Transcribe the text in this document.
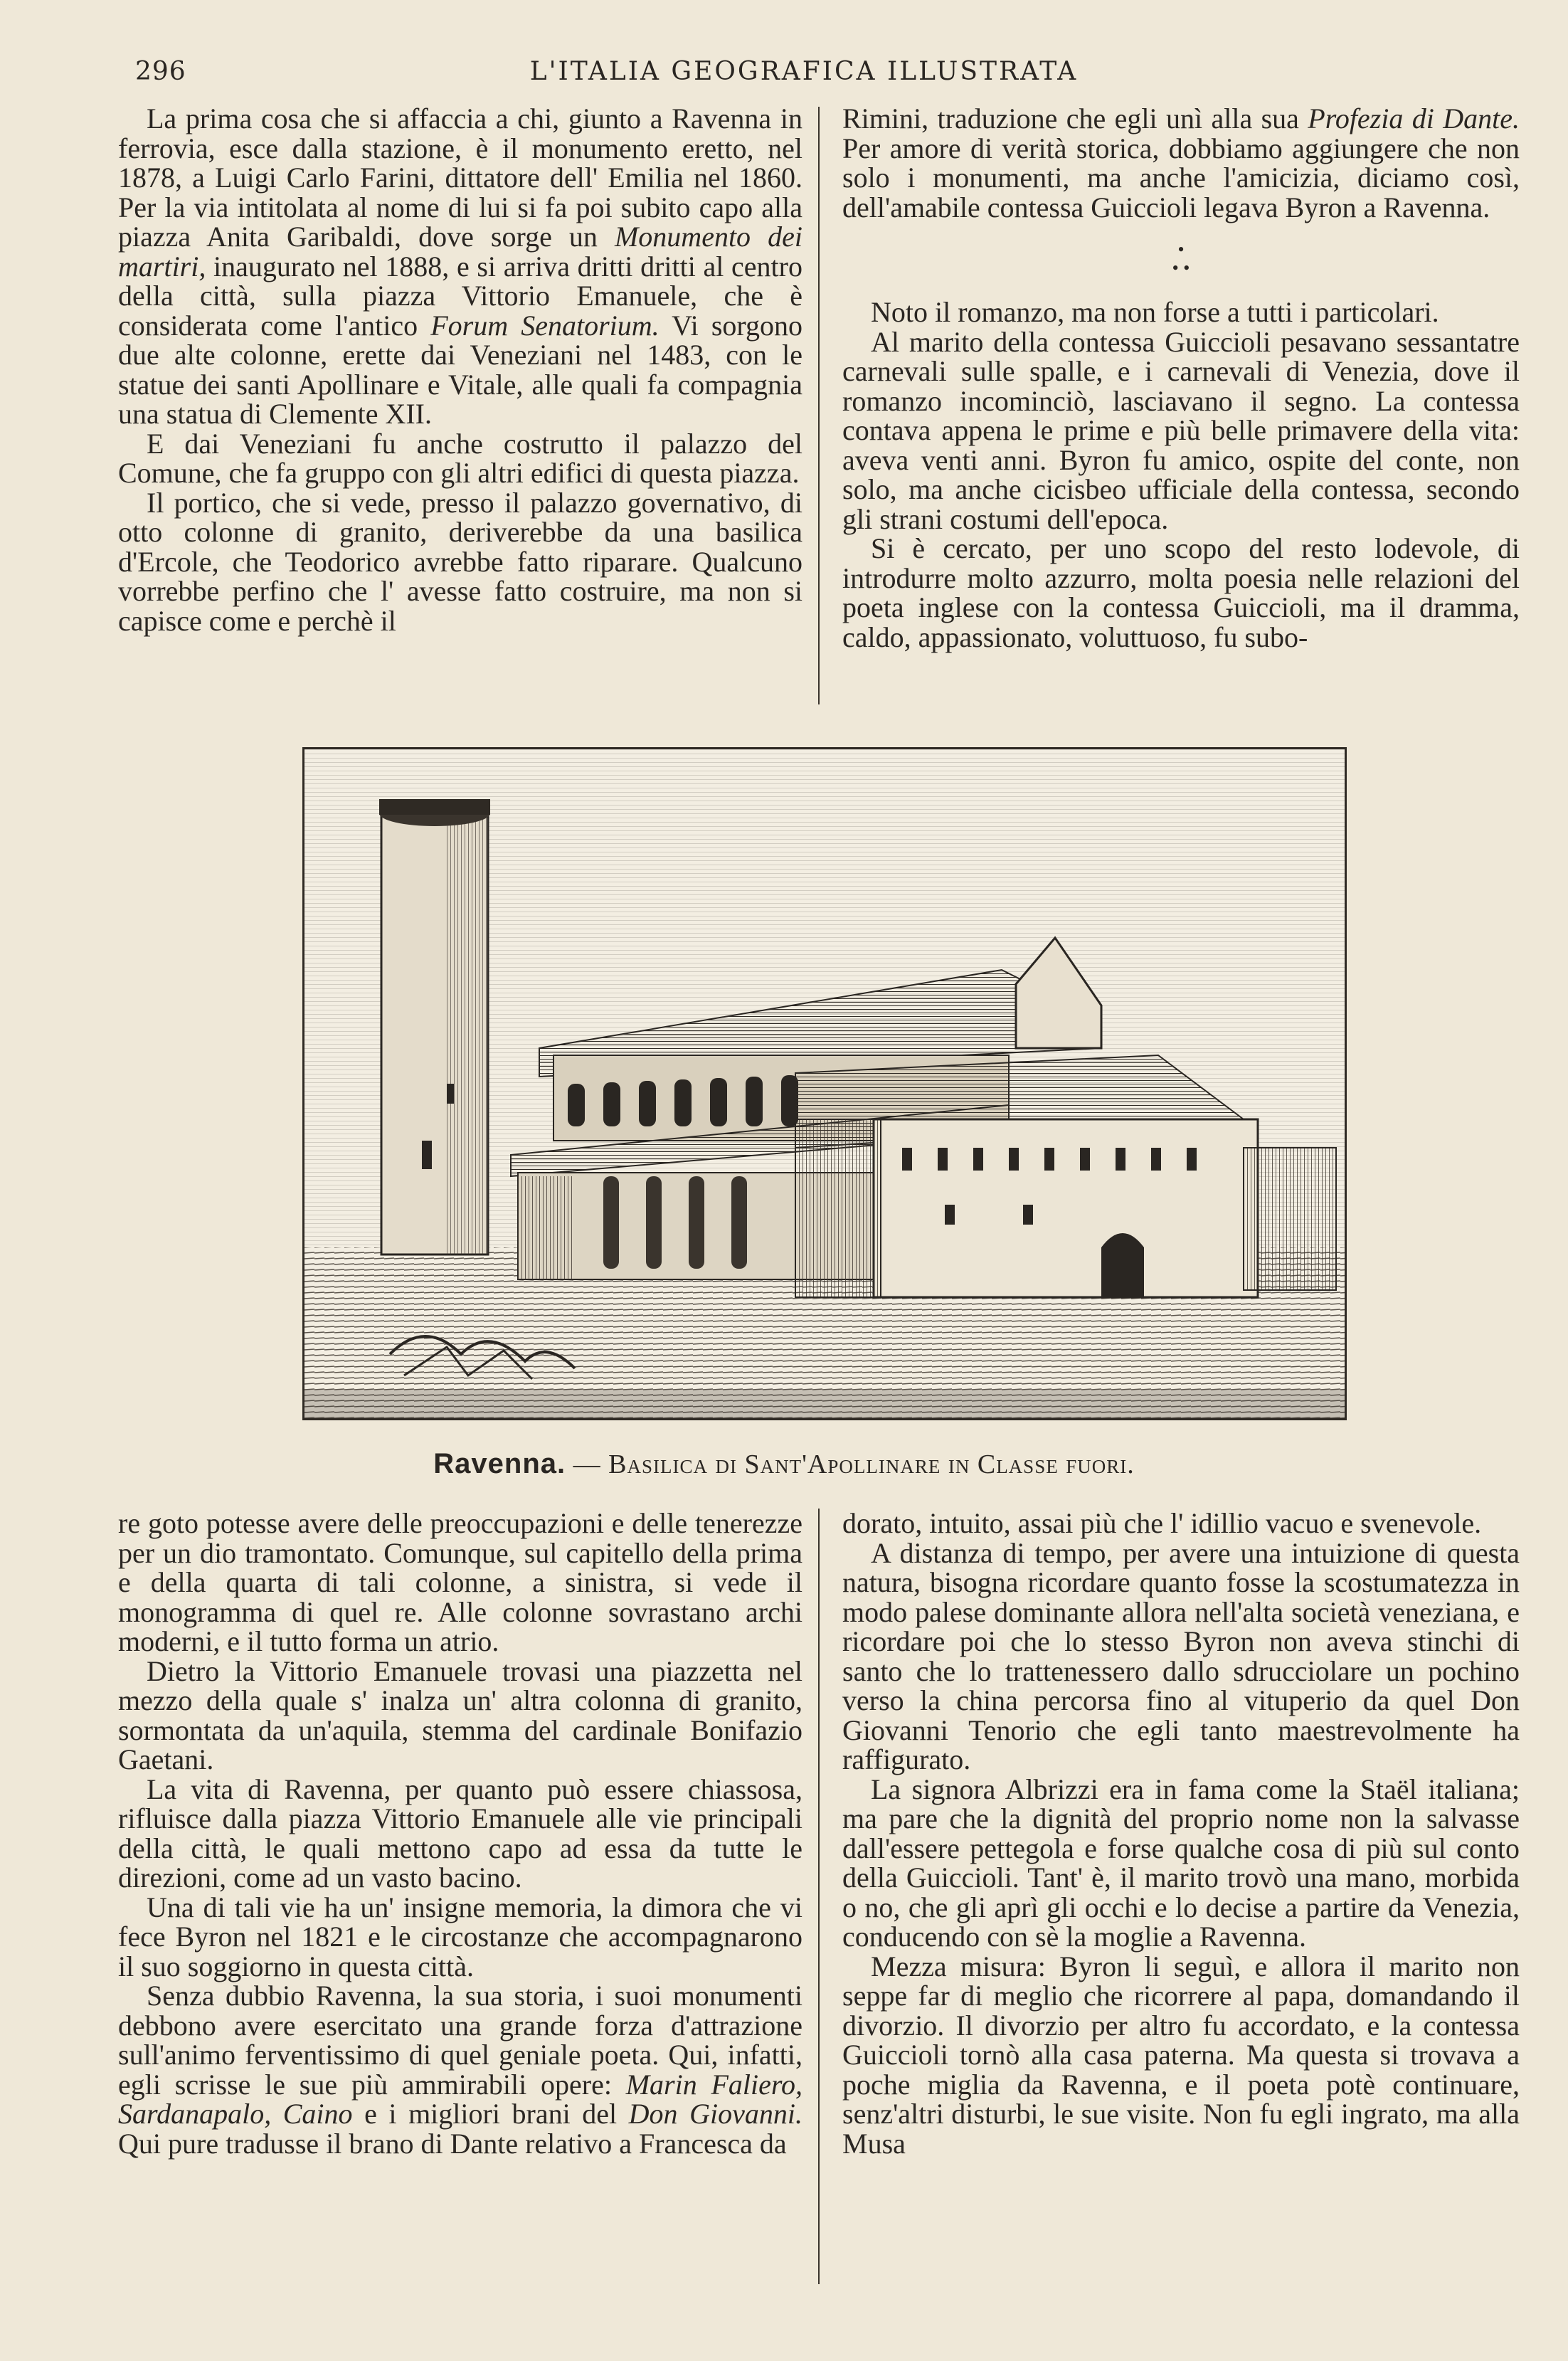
296	L'ITALIA GEOGRAFICA ILLUSTRATA

La prima cosa che si affaccia a chi, giunto a Ravenna in ferrovia, esce dalla stazione, è il monumento eretto, nel 1878, a Luigi Carlo Farini, dittatore dell' Emilia nel 1860. Per la via intitolata al nome di lui si fa poi subito capo alla piazza Anita Garibaldi, dove sorge un Monumento dei martiri, inaugurato nel 1888, e si arriva dritti dritti al centro della città, sulla piazza Vittorio Emanuele, che è considerata come l'antico Forum Senatorium. Vi sorgono due alte colonne, erette dai Veneziani nel 1483, con le statue dei santi Apollinare e Vitale, alle quali fa compagnia una statua di Clemente XII.

E dai Veneziani fu anche costrutto il palazzo del Comune, che fa gruppo con gli altri edifici di questa piazza.

Il portico, che si vede, presso il palazzo governativo, di otto colonne di granito, deriverebbe da una basilica d'Ercole, che Teodorico avrebbe fatto riparare. Qualcuno vorrebbe perfino che l' avesse fatto costruire, ma non si capisce come e perchè il

Rimini, traduzione che egli unì alla sua Profezia di Dante. Per amore di verità storica, dobbiamo aggiungere che non solo i monumenti, ma anche l'amicizia, diciamo così, dell'amabile contessa Guiccioli legava Byron a Ravenna.

•
• •

Noto il romanzo, ma non forse a tutti i particolari.

Al marito della contessa Guiccioli pesavano sessantatre carnevali sulle spalle, e i carnevali di Venezia, dove il romanzo incominciò, lasciavano il segno. La contessa contava appena le prime e più belle primavere della vita: aveva venti anni. Byron fu amico, ospite del conte, non solo, ma anche cicisbeo ufficiale della contessa, secondo gli strani costumi dell'epoca.

Si è cercato, per uno scopo del resto lodevole, di introdurre molto azzurro, molta poesia nelle relazioni del poeta inglese con la contessa Guiccioli, ma il dramma, caldo, appassionato, voluttuoso, fu subo-

Ravenna. — Basilica di Sant'Apollinare in Classe fuori.

re goto potesse avere delle preoccupazioni e delle tenerezze per un dio tramontato. Comunque, sul capitello della prima e della quarta di tali colonne, a sinistra, si vede il monogramma di quel re. Alle colonne sovrastano archi moderni, e il tutto forma un atrio.

Dietro la Vittorio Emanuele trovasi una piazzetta nel mezzo della quale s' inalza un' altra colonna di granito, sormontata da un'aquila, stemma del cardinale Bonifazio Gaetani.

La vita di Ravenna, per quanto può essere chiassosa, rifluisce dalla piazza Vittorio Emanuele alle vie principali della città, le quali mettono capo ad essa da tutte le direzioni, come ad un vasto bacino.

Una di tali vie ha un' insigne memoria, la dimora che vi fece Byron nel 1821 e le circostanze che accompagnarono il suo soggiorno in questa città.

Senza dubbio Ravenna, la sua storia, i suoi monumenti debbono avere esercitato una grande forza d'attrazione sull'animo ferventissimo di quel geniale poeta. Qui, infatti, egli scrisse le sue più ammirabili opere: Marin Faliero, Sardanapalo, Caino e i migliori brani del Don Giovanni. Qui pure tradusse il brano di Dante relativo a Francesca da

dorato, intuito, assai più che l' idillio vacuo e svenevole.

A distanza di tempo, per avere una intuizione di questa natura, bisogna ricordare quanto fosse la scostumatezza in modo palese dominante allora nell'alta società veneziana, e ricordare poi che lo stesso Byron non aveva stinchi di santo che lo trattenessero dallo sdrucciolare un pochino verso la china percorsa fino al vituperio da quel Don Giovanni Tenorio che egli tanto maestrevolmente ha raffigurato.

La signora Albrizzi era in fama come la Staël italiana; ma pare che la dignità del proprio nome non la salvasse dall'essere pettegola e forse qualche cosa di più sul conto della Guiccioli. Tant' è, il marito trovò una mano, morbida o no, che gli aprì gli occhi e lo decise a partire da Venezia, conducendo con sè la moglie a Ravenna.

Mezza misura: Byron li seguì, e allora il marito non seppe far di meglio che ricorrere al papa, domandando il divorzio. Il divorzio per altro fu accordato, e la contessa Guiccioli tornò alla casa paterna. Ma questa si trovava a poche miglia da Ravenna, e il poeta potè continuare, senz'altri disturbi, le sue visite. Non fu egli ingrato, ma alla Musa
